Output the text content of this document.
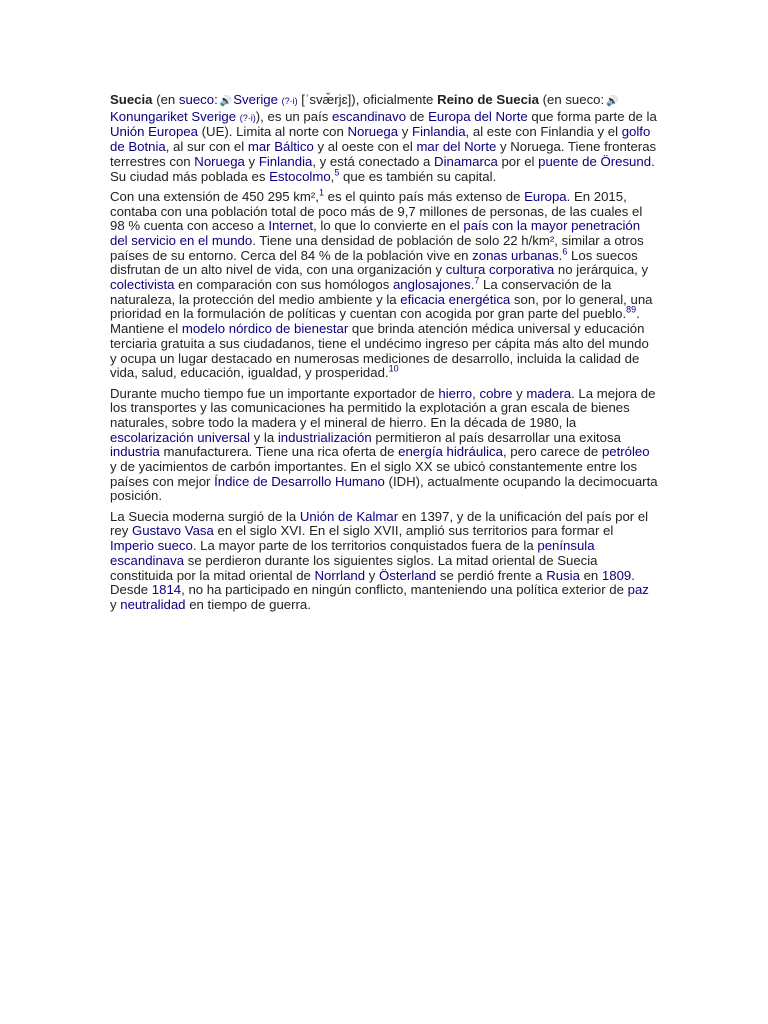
Suecia (en sueco: 🔊Sverige (?·i) [ˈsvæ̌rjɛ]), oficialmente Reino de Suecia (en sueco: 🔊Konungariket Sverige (?·i)), es un país escandinavo de Europa del Norte que forma parte de la Unión Europea (UE). Limita al norte con Noruega y Finlandia, al este con Finlandia y el golfo de Botnia, al sur con el mar Báltico y al oeste con el mar del Norte y Noruega. Tiene fronteras terrestres con Noruega y Finlandia, y está conectado a Dinamarca por el puente de Öresund. Su ciudad más poblada es Estocolmo,$^5$ que es también su capital.

Con una extensión de 450 295 km²,$^1$ es el quinto país más extenso de Europa. En 2015, contaba con una población total de poco más de 9,7 millones de personas, de las cuales el 98 % cuenta con acceso a Internet, lo que lo convierte en el país con la mayor penetración del servicio en el mundo. Tiene una densidad de población de solo 22 h/km², similar a otros países de su entorno. Cerca del 84 % de la población vive en zonas urbanas.$^6$ Los suecos disfrutan de un alto nivel de vida, con una organización y cultura corporativa no jerárquica, y colectivista en comparación con sus homólogos anglosajones.$^7$ La conservación de la naturaleza, la protección del medio ambiente y la eficacia energética son, por lo general, una prioridad en la formulación de políticas y cuentan con acogida por gran parte del pueblo.$^{89}$. Mantiene el modelo nórdico de bienestar que brinda atención médica universal y educación terciaria gratuita a sus ciudadanos, tiene el undécimo ingreso per cápita más alto del mundo y ocupa un lugar destacado en numerosas mediciones de desarrollo, incluida la calidad de vida, salud, educación, igualdad, y prosperidad.$^{10}$

Durante mucho tiempo fue un importante exportador de hierro, cobre y madera. La mejora de los transportes y las comunicaciones ha permitido la explotación a gran escala de bienes naturales, sobre todo la madera y el mineral de hierro. En la década de 1980, la escolarización universal y la industrialización permitieron al país desarrollar una exitosa industria manufacturera. Tiene una rica oferta de energía hidráulica, pero carece de petróleo y de yacimientos de carbón importantes. En el siglo XX se ubicó constantemente entre los países con mejor Índice de Desarrollo Humano (IDH), actualmente ocupando la decimocuarta posición.

La Suecia moderna surgió de la Unión de Kalmar en 1397, y de la unificación del país por el rey Gustavo Vasa en el siglo XVI. En el siglo XVII, amplió sus territorios para formar el Imperio sueco. La mayor parte de los territorios conquistados fuera de la península escandinava se perdieron durante los siguientes siglos. La mitad oriental de Suecia constituida por la mitad oriental de Norrland y Österland se perdió frente a Rusia en 1809. Desde 1814, no ha participado en ningún conflicto, manteniendo una política exterior de paz y neutralidad en tiempo de guerra.
